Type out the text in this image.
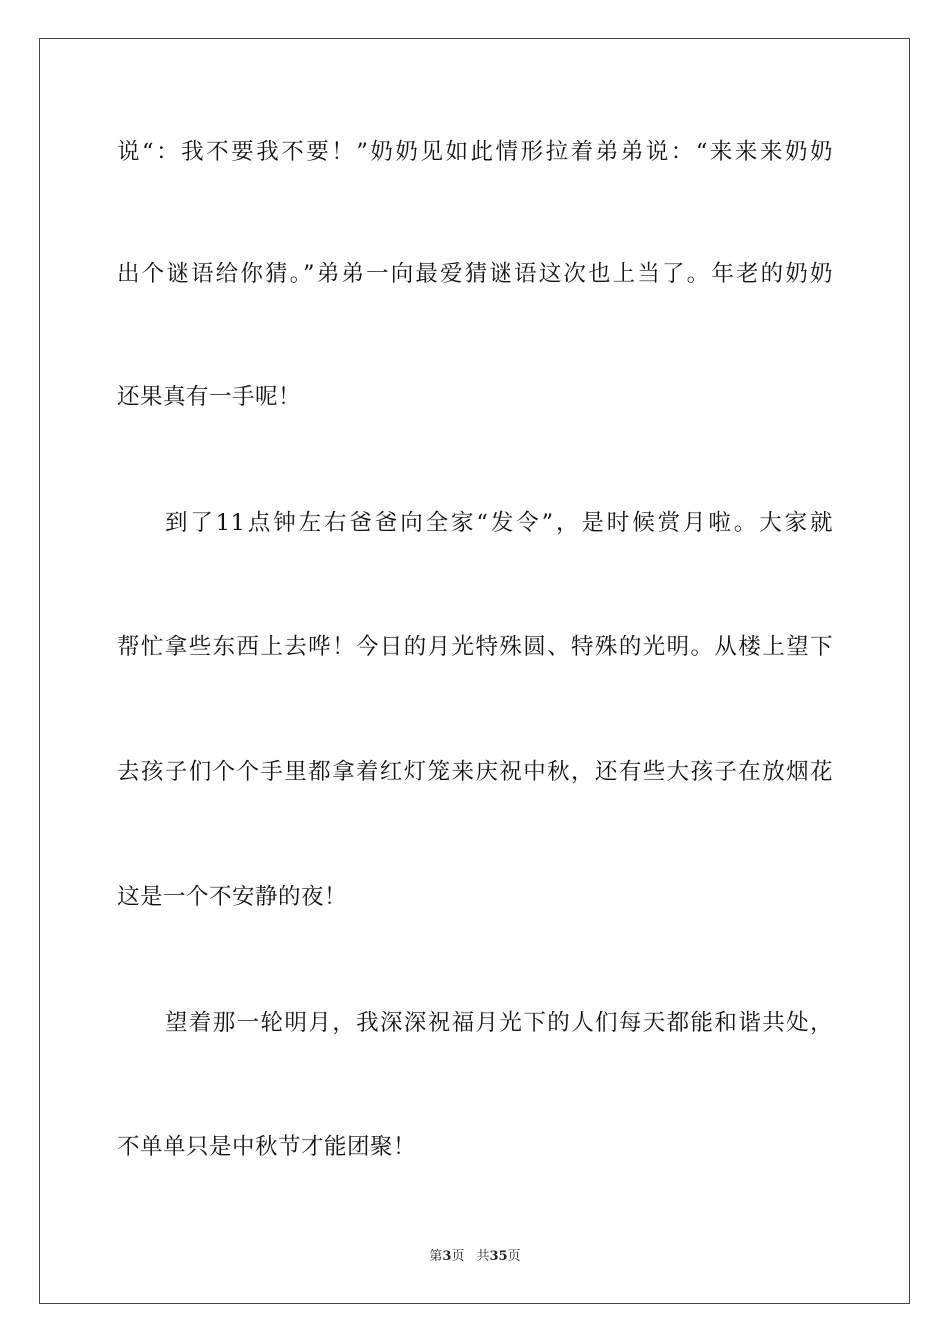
说“：我不要我不要！”奶奶见如此情形拉着弟弟说：“来来来奶奶
出个谜语给你猜。”弟弟一向最爱猜谜语这次也上当了。年老的奶奶
还果真有一手呢！
到了11点钟左右爸爸向全家“发令”，是时候赏月啦。大家就
帮忙拿些东西上去哗！今日的月光特殊圆、特殊的光明。从楼上望下
去孩子们个个手里都拿着红灯笼来庆祝中秋，还有些大孩子在放烟花
这是一个不安静的夜！
望着那一轮明月，我深深祝福月光下的人们每天都能和谐共处，
不单单只是中秋节才能团聚！
第3页 共35页
